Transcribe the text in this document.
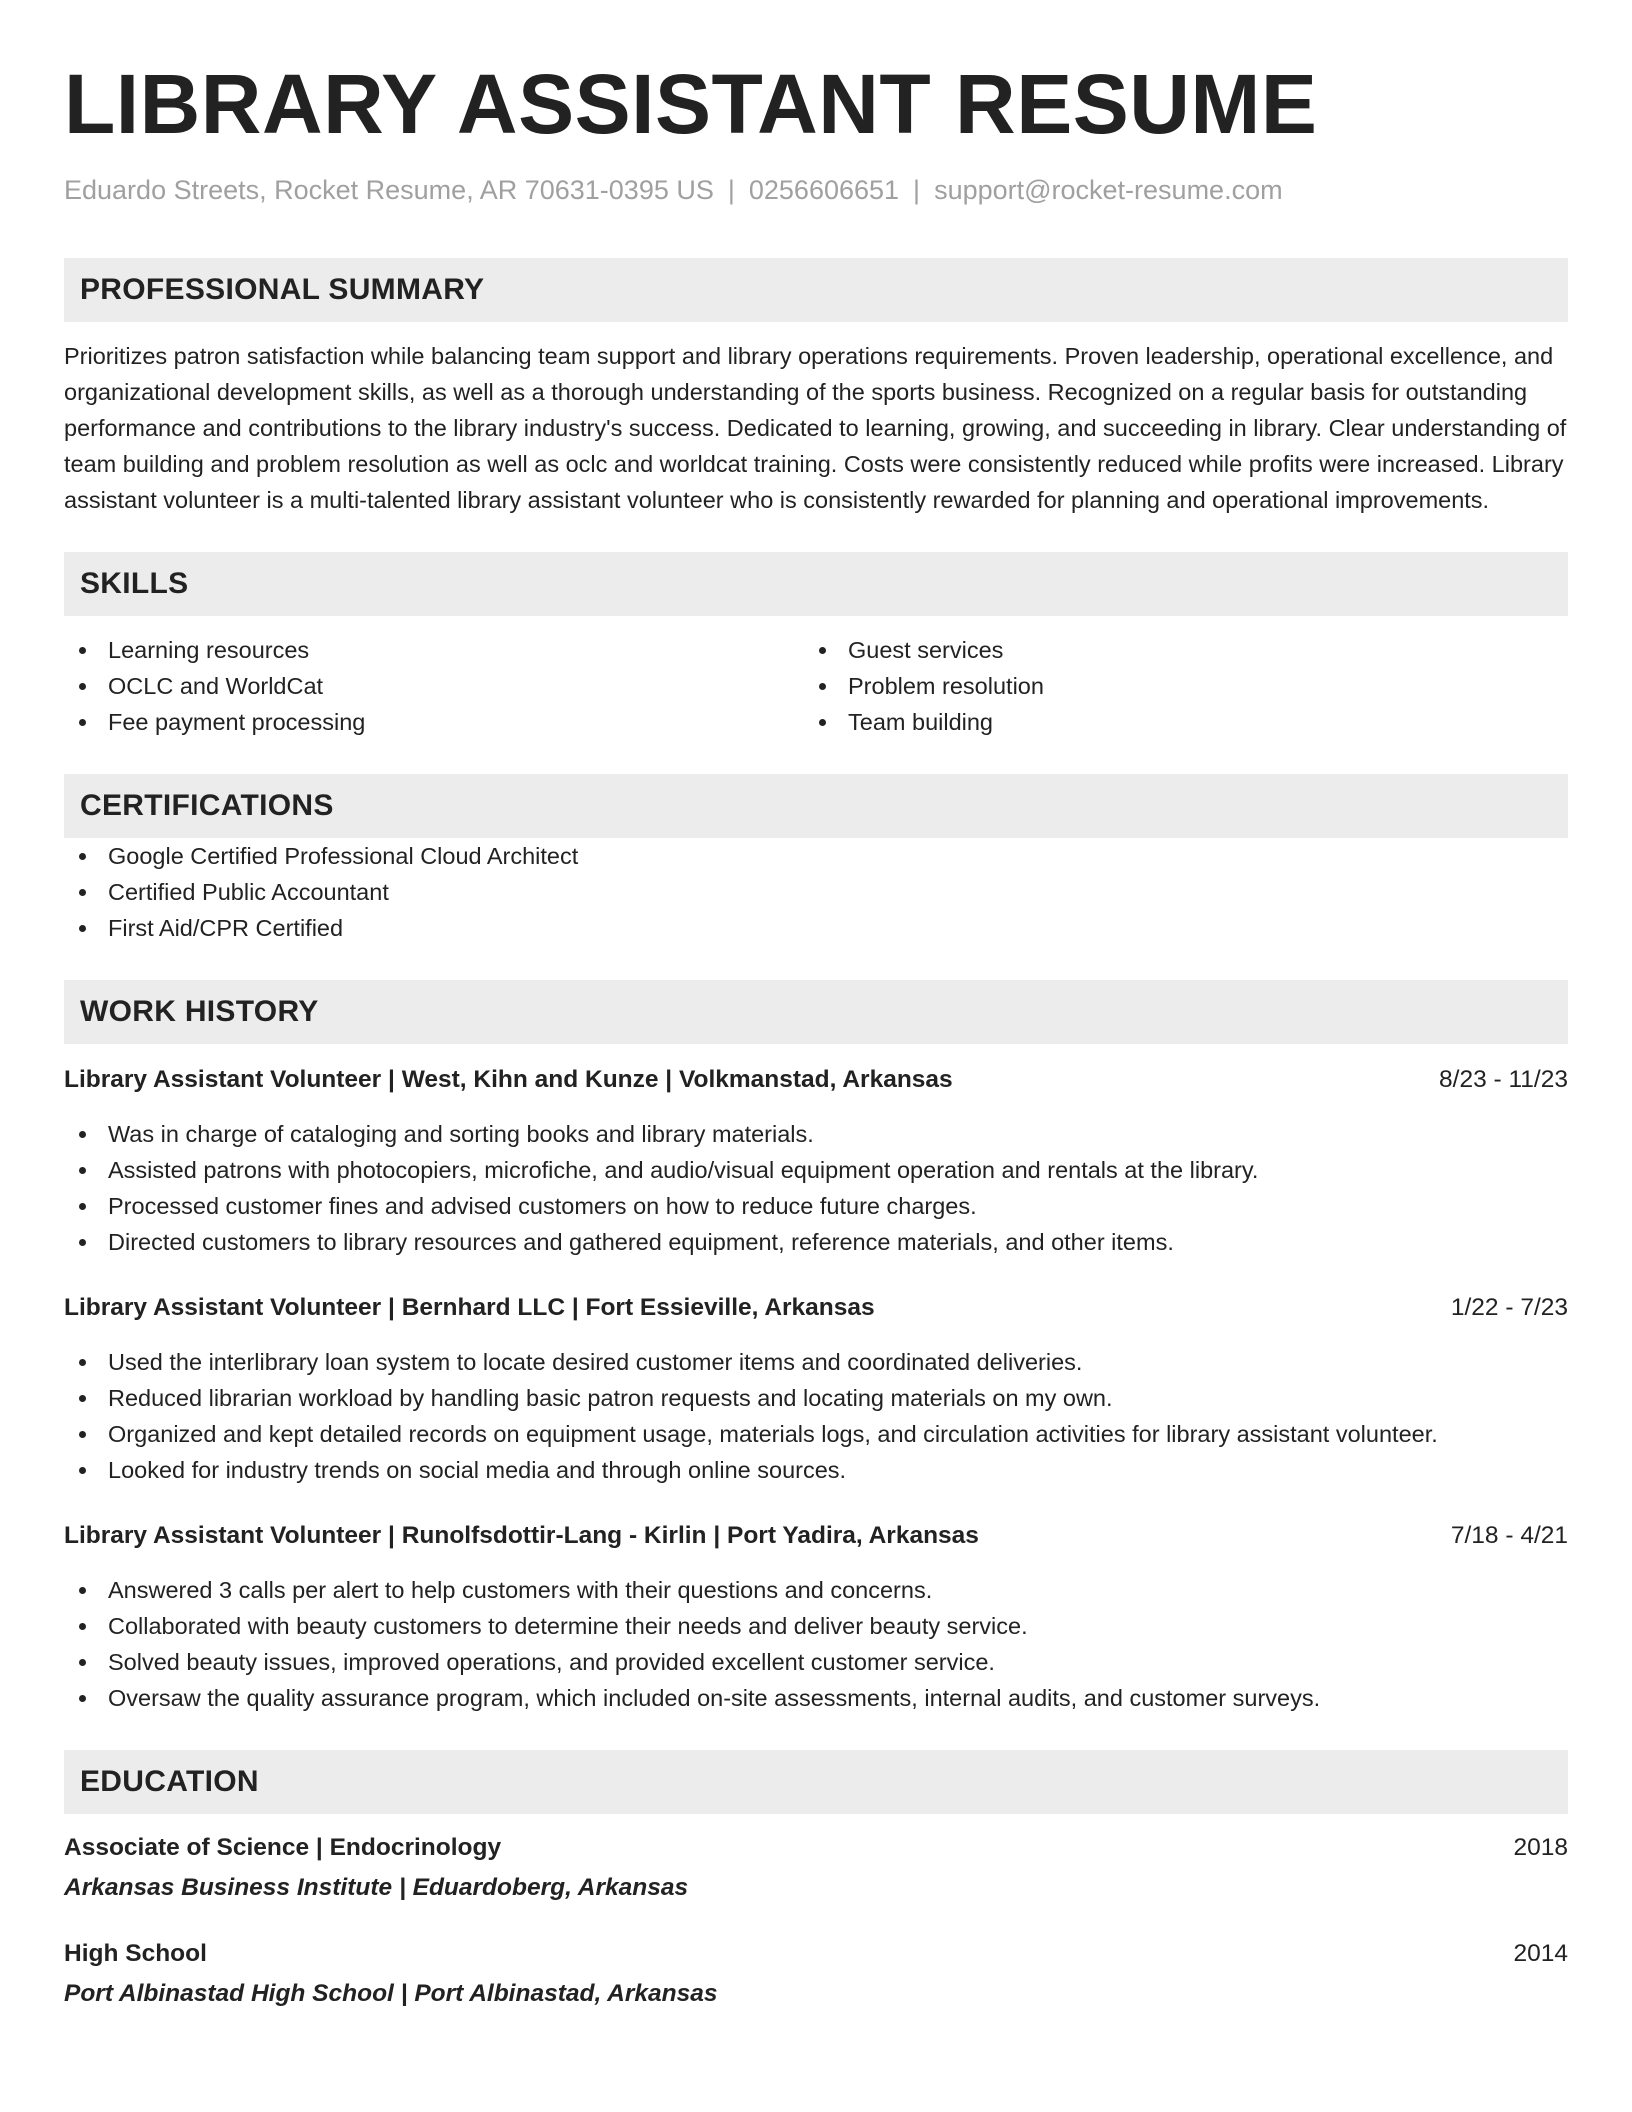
LIBRARY ASSISTANT RESUME
Eduardo Streets, Rocket Resume, AR 70631-0395 US | 0256606651 | support@rocket-resume.com
PROFESSIONAL SUMMARY

Prioritizes patron satisfaction while balancing team support and library operations requirements. Proven leadership, operational excellence, and organizational development skills, as well as a thorough understanding of the sports business. Recognized on a regular basis for outstanding performance and contributions to the library industry's success. Dedicated to learning, growing, and succeeding in library. Clear understanding of team building and problem resolution as well as oclc and worldcat training. Costs were consistently reduced while profits were increased. Library assistant volunteer is a multi-talented library assistant volunteer who is consistently rewarded for planning and operational improvements.

SKILLS
Learning resources
OCLC and WorldCat
Fee payment processing
Guest services
Problem resolution
Team building
CERTIFICATIONS
Google Certified Professional Cloud Architect
Certified Public Accountant
First Aid/CPR Certified
WORK HISTORY
Library Assistant Volunteer | West, Kihn and Kunze | Volkmanstad, Arkansas	8/23 - 11/23
Was in charge of cataloging and sorting books and library materials.
Assisted patrons with photocopiers, microfiche, and audio/visual equipment operation and rentals at the library.
Processed customer fines and advised customers on how to reduce future charges.
Directed customers to library resources and gathered equipment, reference materials, and other items.
Library Assistant Volunteer | Bernhard LLC | Fort Essieville, Arkansas	1/22 - 7/23
Used the interlibrary loan system to locate desired customer items and coordinated deliveries.
Reduced librarian workload by handling basic patron requests and locating materials on my own.
Organized and kept detailed records on equipment usage, materials logs, and circulation activities for library assistant volunteer.
Looked for industry trends on social media and through online sources.
Library Assistant Volunteer | Runolfsdottir-Lang - Kirlin | Port Yadira, Arkansas	7/18 - 4/21
Answered 3 calls per alert to help customers with their questions and concerns.
Collaborated with beauty customers to determine their needs and deliver beauty service.
Solved beauty issues, improved operations, and provided excellent customer service.
Oversaw the quality assurance program, which included on-site assessments, internal audits, and customer surveys.
EDUCATION
Associate of Science | Endocrinology	2018
Arkansas Business Institute | Eduardoberg, Arkansas
High School	2014
Port Albinastad High School | Port Albinastad, Arkansas
